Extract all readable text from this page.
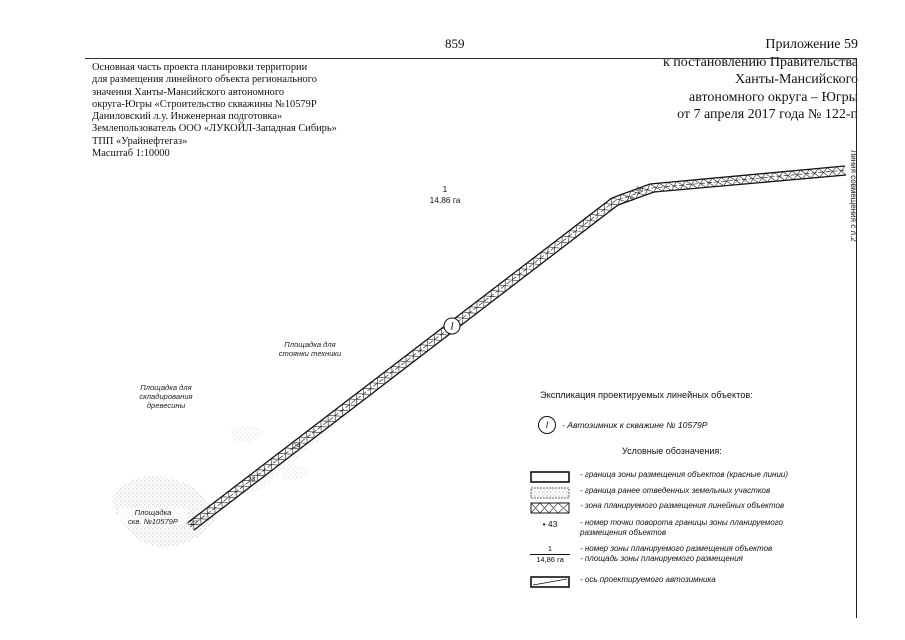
859	Приложение 59
к постановлению Правительства
Ханты-Мансийского
автономного округа – Югры
от 7 апреля 2017 года № 122-п
Линия совмещения с л.2
Основная часть проекта планировки территории
для размещения линейного объекта регионального
значения Ханты-Мансийского автономного
округа-Югры «Строительство скважины №10579Р
Даниловский л.у. Инженерная подготовка»
Землепользователь ООО «ЛУКОЙЛ-Западная Сибирь»
ТПП «Урайнефтегаз»
Масштаб 1:10000
I
22
23
24
25
26
1
14,86 га
Площадка для
стоянки техники
Площадка для
складирования
древесины
Площадка
скв. №10579Р
Экспликация проектируемых линейных объектов:
I	- Автозимник к скважине № 10579Р
Условные обозначения:
- граница зоны размещения объектов (красные линии)
- граница ранее отведенных земельных участков
- зона планируемого размещения линейных объектов
• 43	- номер точки поворота границы зоны планируемого
размещения объектов
1
14,86 га
- номер зоны планируемого размещения объектов
- площадь зоны планируемого размещения
- ось проектируемого автозимника
